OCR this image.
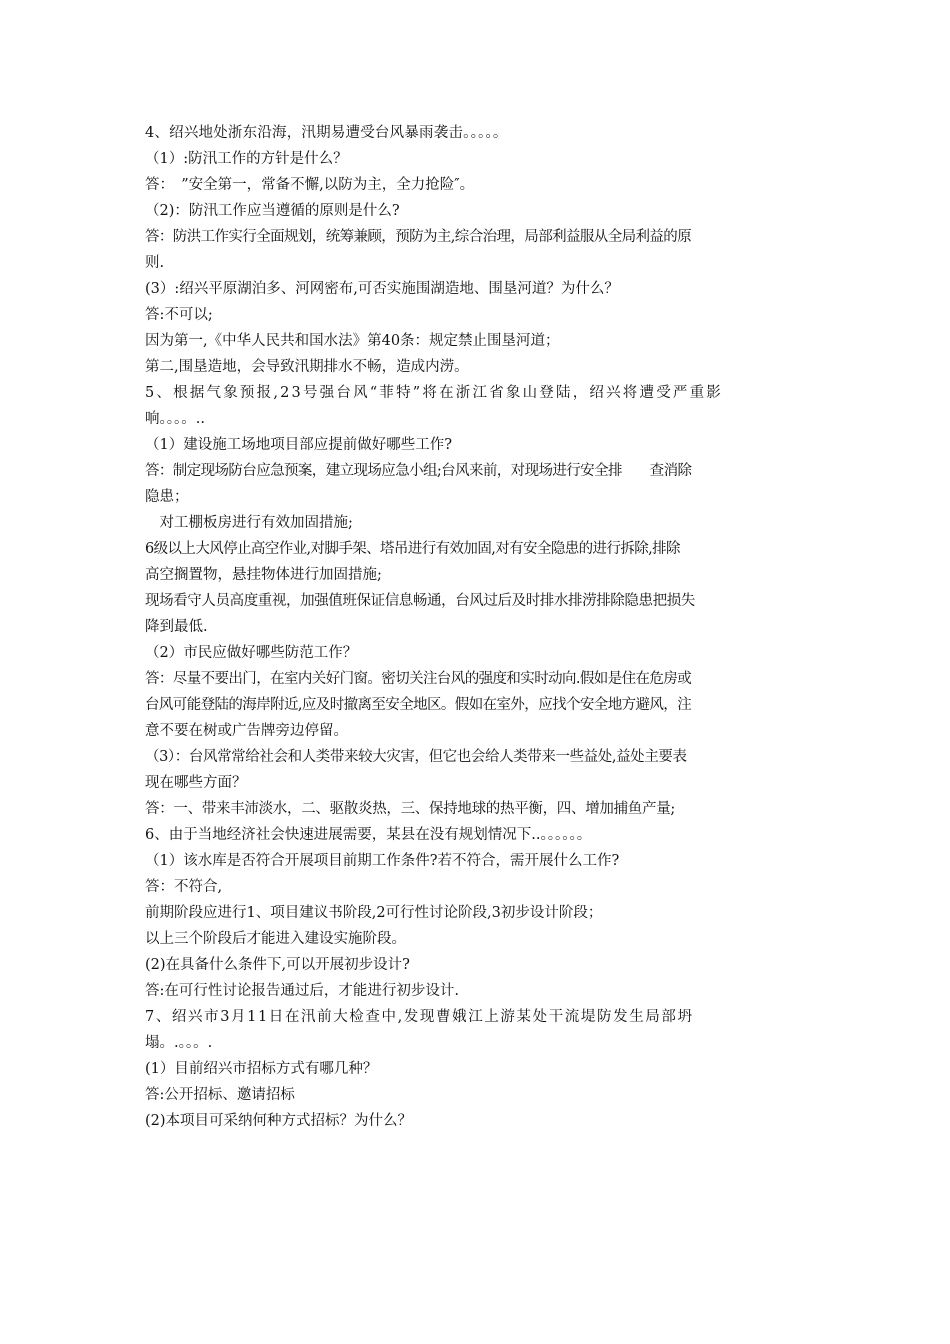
4、绍兴地处浙东沿海，汛期易遭受台风暴雨袭击。。。。。
（1）:防汛工作的方针是什么？
答：　”安全第一，常备不懈,以防为主，全力抢险″。
（2)：防汛工作应当遵循的原则是什么?
答：防洪工作实行全面规划，统筹兼顾，预防为主,综合治理，局部利益服从全局利益的原
则.
(3）:绍兴平原湖泊多、河网密布,可否实施围湖造地、围垦河道？为什么？
答:不可以;
因为第一,《中华人民共和国水法》第40条：规定禁止围垦河道；
第二,围垦造地，会导致汛期排水不畅，造成内涝。
5、根据气象预报,23号强台风“菲特”将在浙江省象山登陆，绍兴将遭受严重影
响。。。。..
（1）建设施工场地项目部应提前做好哪些工作?
答：制定现场防台应急预案，建立现场应急小组;台风来前，对现场进行安全排　　查消除
隐患；
　对工棚板房进行有效加固措施;
6级以上大风停止高空作业,对脚手架、塔吊进行有效加固,对有安全隐患的进行拆除,排除
高空搁置物，悬挂物体进行加固措施;
现场看守人员高度重视，加强值班保证信息畅通，台风过后及时排水排涝排除隐患把损失
降到最低.
（2）市民应做好哪些防范工作？
答：尽量不要出门，在室内关好门窗。密切关注台风的强度和实时动向.假如是住在危房或
台风可能登陆的海岸附近,应及时撤离至安全地区。假如在室外，应找个安全地方避风，注
意不要在树或广告牌旁边停留。
（3）：台风常常给社会和人类带来较大灾害，但它也会给人类带来一些益处,益处主要表
现在哪些方面？
答：一、带来丰沛淡水，二、驱散炎热，三、保持地球的热平衡，四、增加捕鱼产量;
6、由于当地经济社会快速进展需要，某县在没有规划情况下..。。。。。。
（1）该水库是否符合开展项目前期工作条件?若不符合，需开展什么工作?
答：不符合,
前期阶段应进行1、项目建议书阶段,2可行性讨论阶段,3初步设计阶段；
以上三个阶段后才能进入建设实施阶段。
(2)在具备什么条件下,可以开展初步设计?
答:在可行性讨论报告通过后，才能进行初步设计.
7、绍兴市3月11日在汛前大检查中,发现曹娥江上游某处干流堤防发生局部坍
塌。.。。。.
(1）目前绍兴市招标方式有哪几种？
答:公开招标、邀请招标
(2)本项目可采纳何种方式招标？为什么？
